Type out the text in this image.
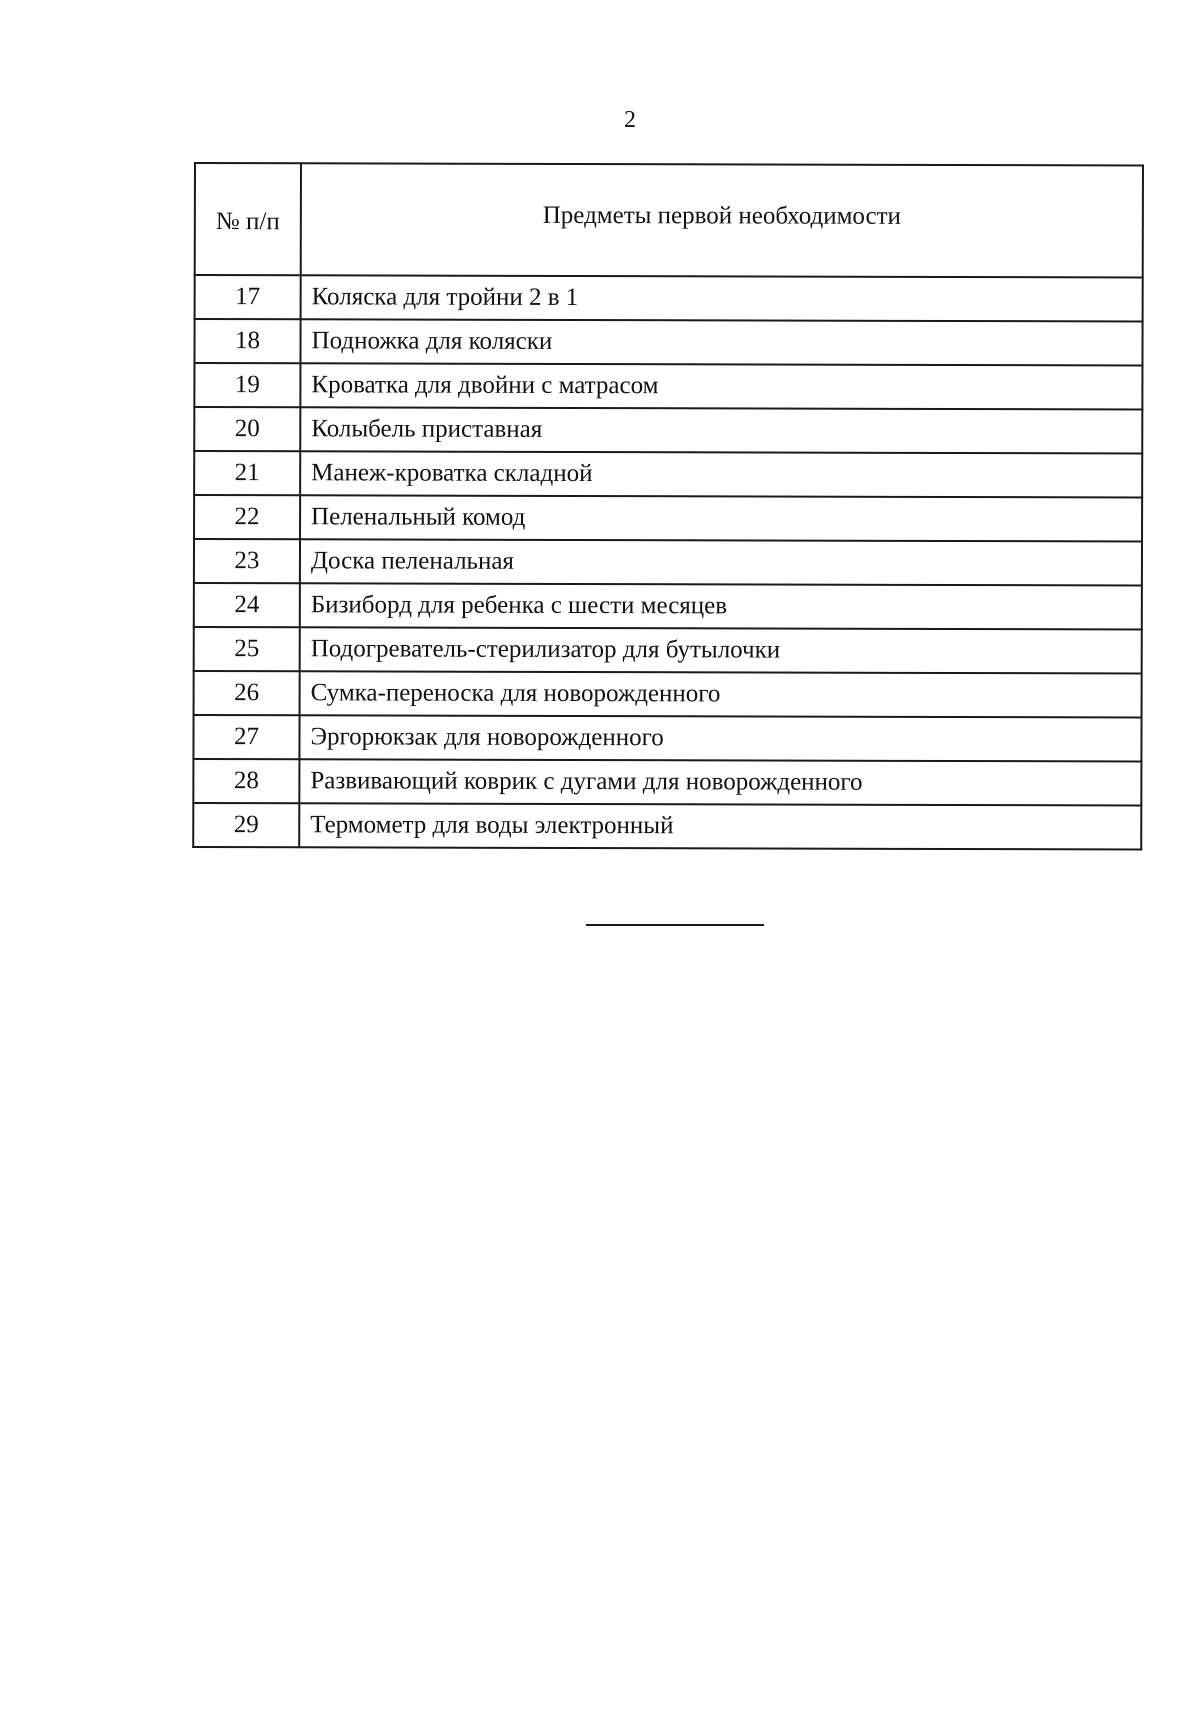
2
№ п/п	Предметы первой необходимости
17	Коляска для тройни 2 в 1
18	Подножка для коляски
19	Кроватка для двойни с матрасом
20	Колыбель приставная
21	Манеж-кроватка складной
22	Пеленальный комод
23	Доска пеленальная
24	Бизиборд для ребенка с шести месяцев
25	Подогреватель-стерилизатор для бутылочки
26	Сумка-переноска для новорожденного
27	Эргорюкзак для новорожденного
28	Развивающий коврик с дугами для новорожденного
29	Термометр для воды электронный
